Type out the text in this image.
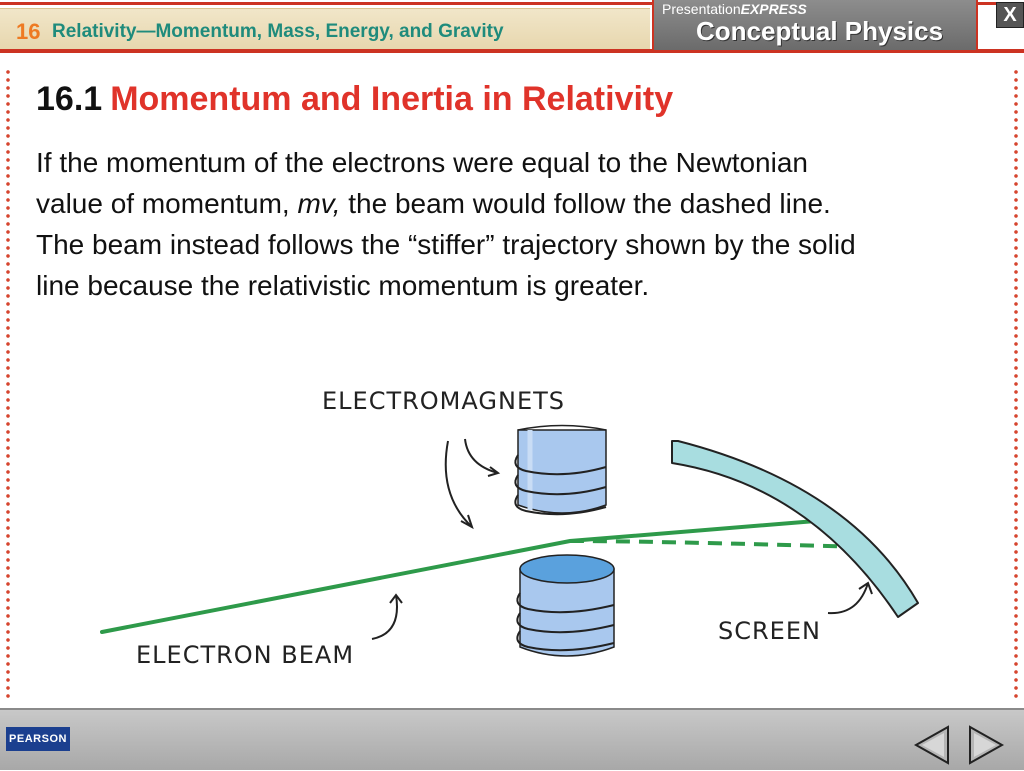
16 Relativity—Momentum, Mass, Energy, and Gravity
PresentationEXPRESS
Conceptual Physics
X
16.1 Momentum and Inertia in Relativity
If the momentum of the electrons were equal to the Newtonian value of momentum, mv, the beam would follow the dashed line. The beam instead follows the “stiffer” trajectory shown by the solid line because the relativistic momentum is greater.
ELECTROMAGNETS
ELECTRON BEAM
SCREEN
PEARSON
